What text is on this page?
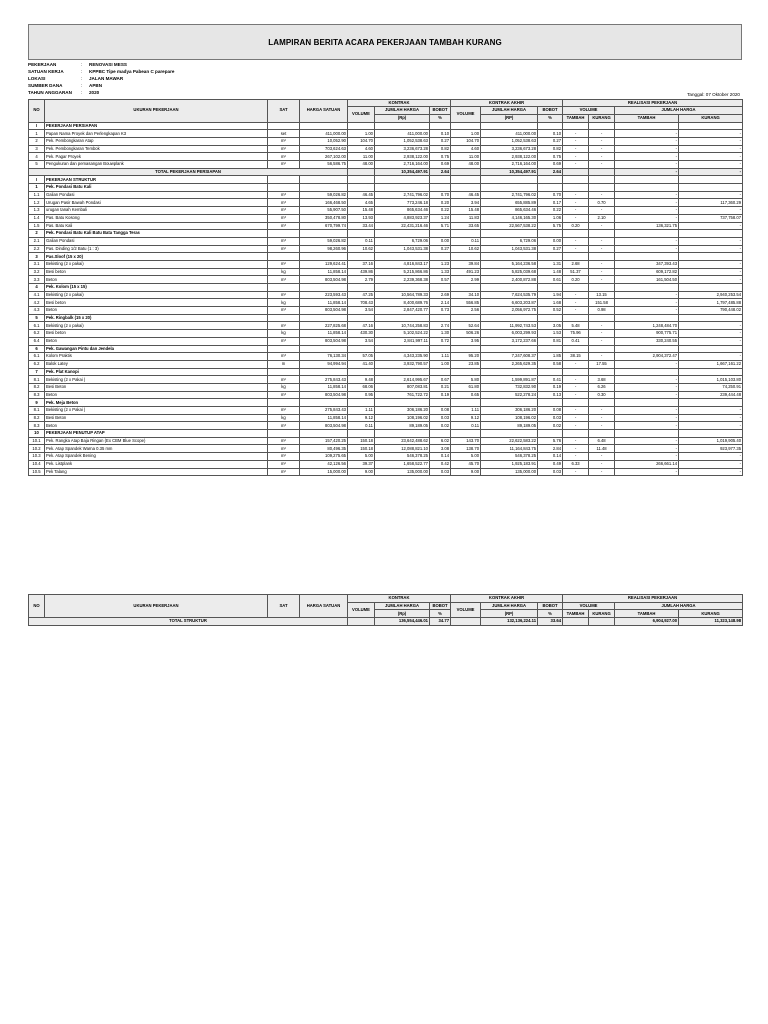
LAMPIRAN BERITA ACARA PEKERJAAN TAMBAH KURANG
PEKERJAAN	:	RENOVASI MESS
SATUAN KERJA	:	KPPBC Tipe madya Pabean C parepare
LOKASI	:	JALAN MAWAR
SUMBER DANA	:	APBN
TAHUN ANGGARAN	:	2020	Tanggal: 07 Oktober 2020
NO	UKURAN PEKERJAAN	SAT	HARGA SATUAN	KONTRAK			KONTRAK AKHIR			REALISASI PEKERJAAN			
				VOLUME	JUMLAH HARGA	BOBOT	VOLUME	JUMLAH HARGA	BOBOT	VOLUME		JUMLAH HARGA	
					(Rp)	%		(RP)	%	TAMBAH	KURANG	TAMBAH	KURANG
I	PEKERJAAN PERSIAPAN												
1	Papan Nama Proyek dan Perlengkapan K3	set	411,000.00	1.00	411,000.00	0.10	1.00	411,000.00	0.10	-	-	-	-
2	Pek. Pembongkaran Atap	m²	10,052.90	104.70	1,052,538.63	0.27	104.70	1,052,538.63	0.27	-	-	-	-
3	Pek. Pembongkaran Tembok	m²	703,624.63	4.60	3,236,673.28	0.82	4.60	3,236,673.28	0.82	-	-	-	-
4	Pek. Pagar Proyek	m²	267,102.00	11.00	2,938,122.00	0.75	11.00	2,938,122.00	0.75	-	-	-	-
5	Pengukuran dan pemasangan Bouwplank	m²	56,586.75	48.00	2,716,164.00	0.69	48.00	2,716,164.00	0.69	-	-	-	-
TOTAL PEKERJAAN PERSIAPAN					10,354,497.91	2.64		10,354,497.91	2.64			-	-
I	PEKERJAAN STRUKTUR												
1	Pek. Pondasi Batu Kali												
1.1	Galian Pondasi	m³	59,026.82	46.45	2,741,796.02	0.70	46.45	2,741,796.02	0.70	-	-	-	-
1.2	Urugan Pasir Bawah Pondasi	m³	166,468.50	4.65	773,246.18	0.20	3.94	655,885.89	0.17	-	0.70	-	117,360.29
1.3	urugan tanah Kembali	m³	55,907.50	15.48	865,634.46	0.22	15.48	865,634.46	0.22	-	-	-	-
1.4	Pas. Batu Kosong	m³	350,478.80	13.93	4,883,923.37	1.24	11.83	4,146,165.30	1.06	-	2.10	-	737,758.07
1.5	Pas. Batu Kali	m³	670,799.74	33.44	22,431,216.46	5.71	33.65	22,567,538.22	5.75	0.20	-	136,321.75	-
2	Pek. Pondasi Batu Kali Batu Bata Tangga Teras												
2.1	Galian Pondasi	m³	59,026.82	0.11	6,729.06	0.00	0.11	6,729.06	0.00	-	-	-	-
2.2	Pas. Dinding 1/2 Batu (1 : 3)	m²	98,260.96	10.62	1,043,531.38	0.27	10.62	1,043,531.38	0.27	-	-	-	-
3	Pas.Sloof (15 x 20)												
3.1	Bekisting (2 x pakai)	m²	129,624.41	37.16	4,816,843.17	1.23	39.84	5,164,236.58	1.31	2.68	-	347,393.43	-
3.2	Besi beton	kg	11,858.14	439.86	5,215,866.86	1.33	491.23	5,825,039.68	1.48	51.37	-	609,172.82	-
3.3	Beton	m³	803,504.98	2.79	2,239,368.38	0.57	2.99	2,400,872.88	0.61	0.20	-	161,504.50	-
4	Pek. Kolom (15 x 15)												
4.1	Bekisting (2 x pakai)	m²	223,593.43	47.25	10,564,789.33	2.69	34.10	7,624,535.79	1.94	-	13.15	-	2,940,253.54
4.2	Besi beton	kg	11,858.14	708.43	8,400,689.76	2.14	556.85	6,603,203.87	1.68	-	151.58	-	1,797,485.88
4.3	Beton	m³	803,504.98	3.54	2,847,420.77	0.73	2.56	2,056,972.75	0.52	-	0.98	-	790,448.02
5	Pek. Ringbalk (15 x 20)												
6.1	Bekisting (2 x pakai)	m²	227,825.68	47.16	10,744,258.83	2.74	52.64	11,992,743.53	3.05	5.48	-	1,248,484.70	-
6.2	Besi beton	kg	11,858.14	430.30	5,102,524.22	1.30	506.26	6,003,299.93	1.53	75.96	-	900,775.71	-
6.4	Beton	m³	803,504.98	3.54	2,841,997.11	0.72	3.95	3,172,237.66	0.81	0.41	-	330,240.55	-
6	Pek. Gawangan Pintu dan Jendela												
6.1	Kolom Praktis	m³	76,130.34	57.05	4,343,235.90	1.11	95.20	7,247,608.37	1.85	38.15	-	2,904,372.47	-
6.2	Balok Latey	m	94,994.94	41.40	3,932,790.57	1.00	23.85	2,265,629.35	0.58	-	17.55	-	1,667,161.22
7	Pek. Plat Kanopi												
8.1	Bekisting (2 x Pakai )	m²	275,843.43	9.48	2,614,995.67	0.67	5.80	1,599,891.87	0.41	-	3.68	-	1,015,103.80
8.2	Besi Beton	kg	11,858.14	68.06	807,083.81	0.21	61.80	732,832.90	0.19	-	6.26	-	74,250.91
8.3	Beton	m³	803,504.98	0.95	761,722.72	0.19	0.65	522,278.24	0.13	-	0.30	-	239,444.48
9	Pek. Meja Beton												
8.1	Bekisting (2 x Pakai )	m²	275,843.43	1.11	306,186.20	0.08	1.11	306,186.20	0.08	-	-	-	-
8.2	Besi Beton	kg	11,858.14	9.12	108,196.02	0.03	9.12	108,196.02	0.03	-	-	-	-
8.3	Beton	m³	803,504.98	0.11	89,189.05	0.02	0.11	89,189.05	0.02	-	-	-	-
10	PEKERJAAN PENUTUP ATAP												
10.1	Pek. Rangka Atap Baja Ringan (Ex CBM Blue Scope)	m²	157,420.25	150.18	23,642,488.62	6.02	143.70	22,622,583.22	5.76	-	6.48	-	1,019,905.40
10.2	Pek. Atap Spandek Warna 0.35 mm	m²	80,496.35	150.18	12,088,821.10	3.08	138.70	11,164,843.75	2.84	-	11.48	-	923,977.35
10.3	Pek. Atap Spandek Bening	m²	109,275.65	5.00	546,378.25	0.14	5.00	546,378.25	0.14	-	-	-	-
10.4	Pek. Listplank	m²	42,126.56	39.37	1,658,522.77	0.42	45.70	1,925,183.91	0.49	6.33	-	266,661.14	-
10.5	Pek Talang	m²	15,000.00	9.00	135,000.00	0.03	9.00	135,000.00	0.03	-	-	-	-
NO	UKURAN PEKERJAAN	SAT	HARGA SATUAN	KONTRAK			KONTRAK AKHIR			REALISASI PEKERJAAN			
				VOLUME	JUMLAH HARGA	BOBOT	VOLUME	JUMLAH HARGA	BOBOT	VOLUME		JUMLAH HARGA	
					(Rp)	%		(RP)	%	TAMBAH	KURANG	TAMBAH	KURANG
TOTAL STRUKTUR					136,554,446.01	34.77		132,136,224.11	33.64			6,904,927.00	11,323,148.98
